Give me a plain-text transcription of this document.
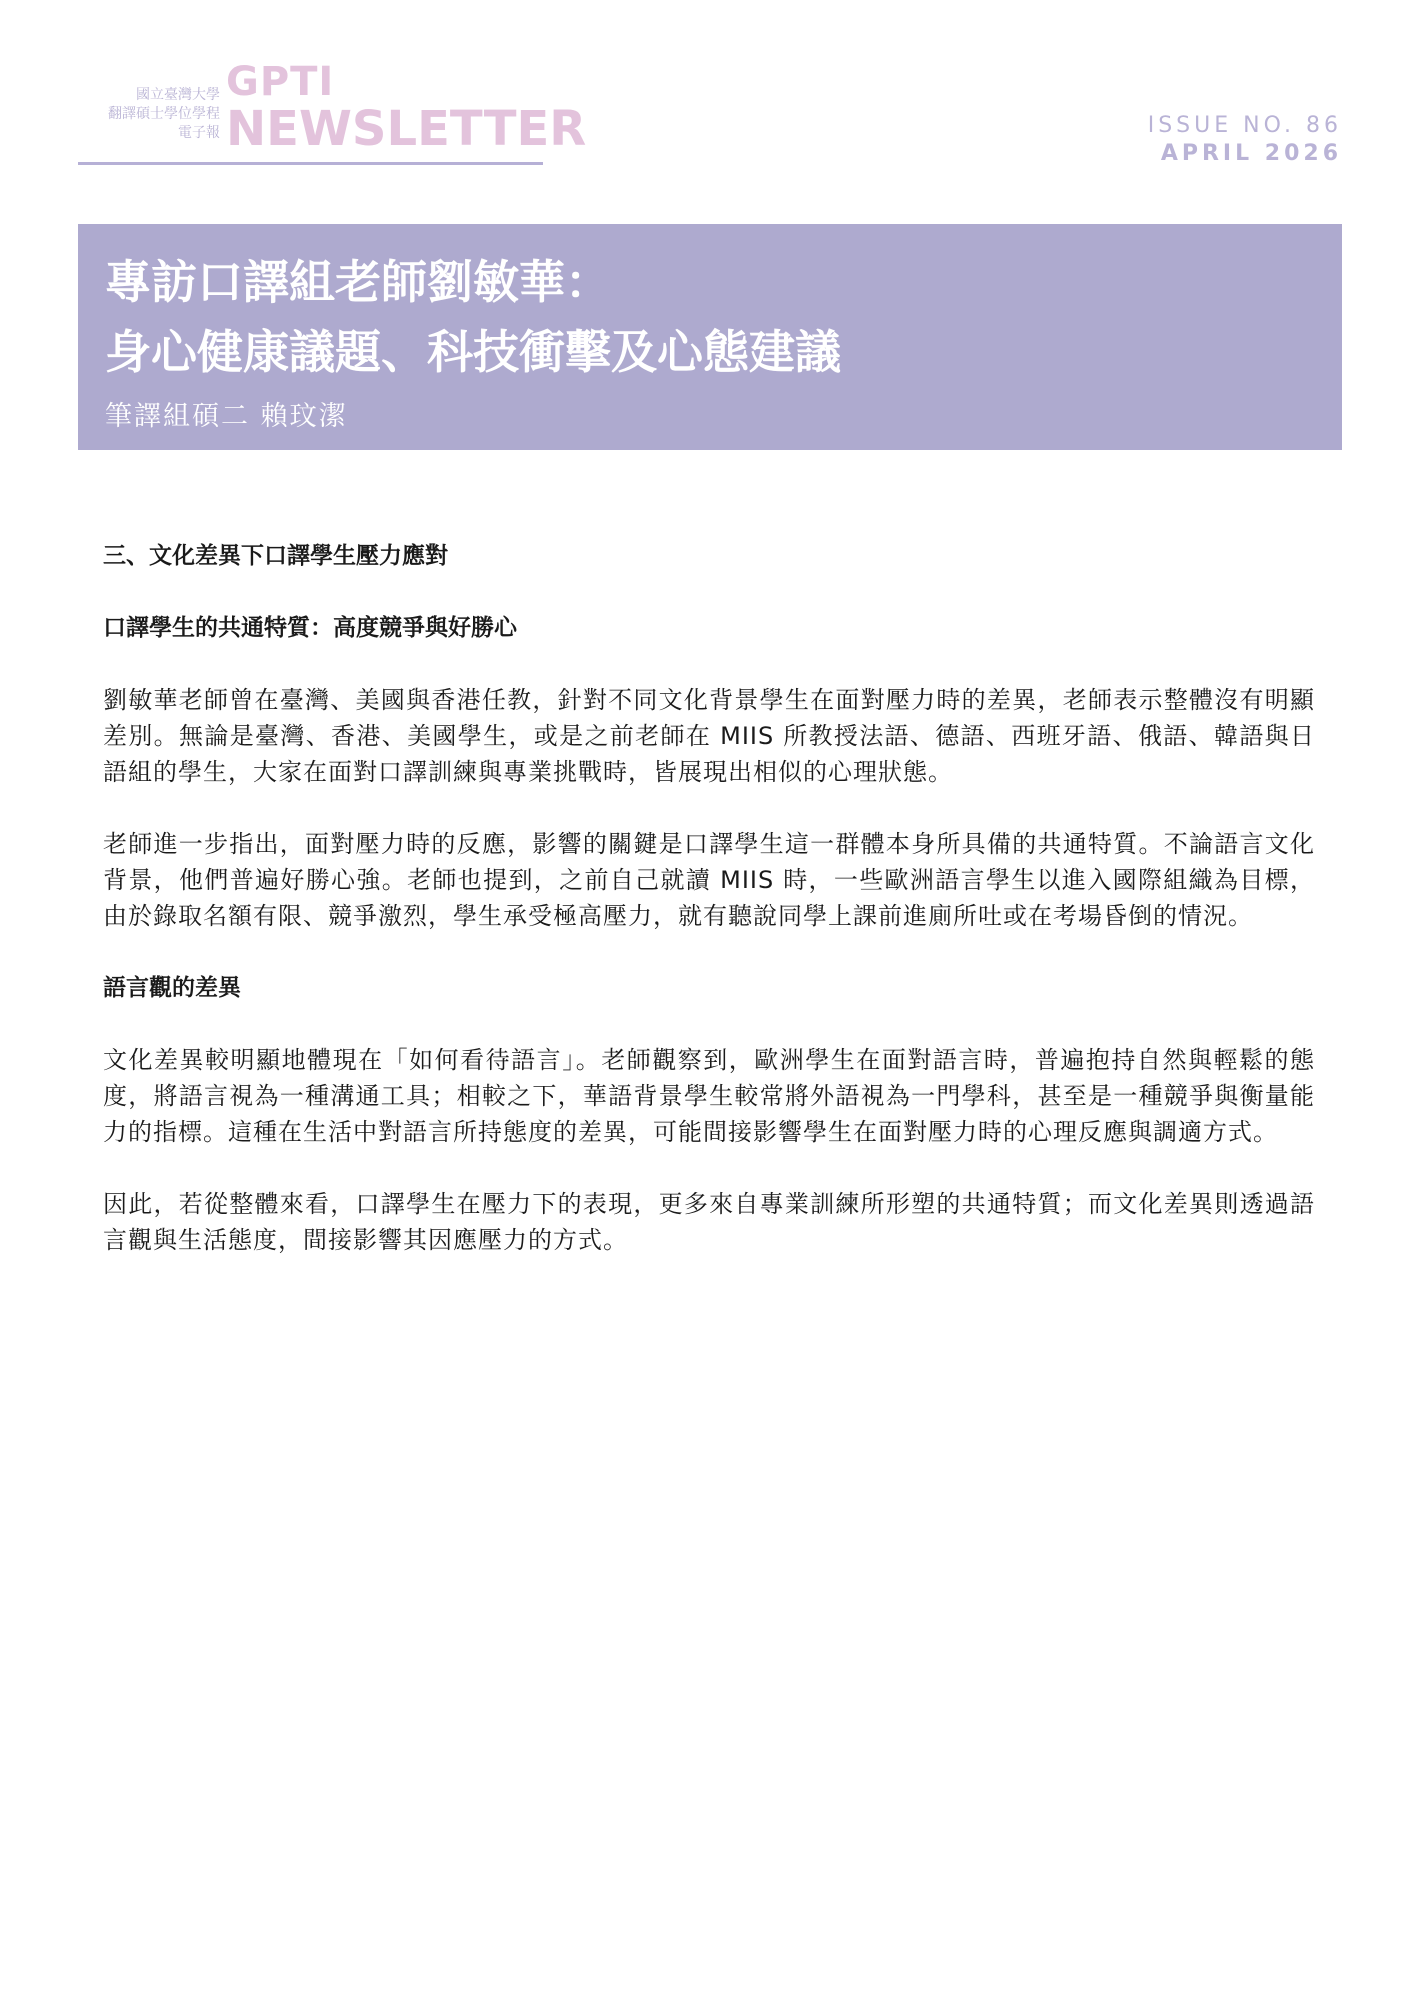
國立臺灣大學
翻譯碩士學位學程
電子報
GPTI
NEWSLETTER	ISSUE NO. 86
APRIL 2026
專訪口譯組老師劉敏華：
身心健康議題、科技衝擊及心態建議
筆譯組碩二 賴玟潔
三、文化差異下口譯學生壓力應對
口譯學生的共通特質：高度競爭與好勝心

劉敏華老師曾在臺灣、美國與香港任教，針對不同文化背景學生在面對壓力時的差異，老師表示整體沒有明顯差別。無論是臺灣、香港、美國學生，或是之前老師在 MIIS 所教授法語、德語、西班牙語、俄語、韓語與日語組的學生，大家在面對口譯訓練與專業挑戰時，皆展現出相似的心理狀態。

老師進一步指出，面對壓力時的反應，影響的關鍵是口譯學生這一群體本身所具備的共通特質。不論語言文化背景，他們普遍好勝心強。老師也提到，之前自己就讀 MIIS 時，一些歐洲語言學生以進入國際組織為目標，由於錄取名額有限、競爭激烈，學生承受極高壓力，就有聽說同學上課前進廁所吐或在考場昏倒的情況。

語言觀的差異

文化差異較明顯地體現在「如何看待語言」。老師觀察到，歐洲學生在面對語言時，普遍抱持自然與輕鬆的態度，將語言視為一種溝通工具；相較之下，華語背景學生較常將外語視為一門學科，甚至是一種競爭與衡量能力的指標。這種在生活中對語言所持態度的差異，可能間接影響學生在面對壓力時的心理反應與調適方式。

因此，若從整體來看，口譯學生在壓力下的表現，更多來自專業訓練所形塑的共通特質；而文化差異則透過語言觀與生活態度，間接影響其因應壓力的方式。
